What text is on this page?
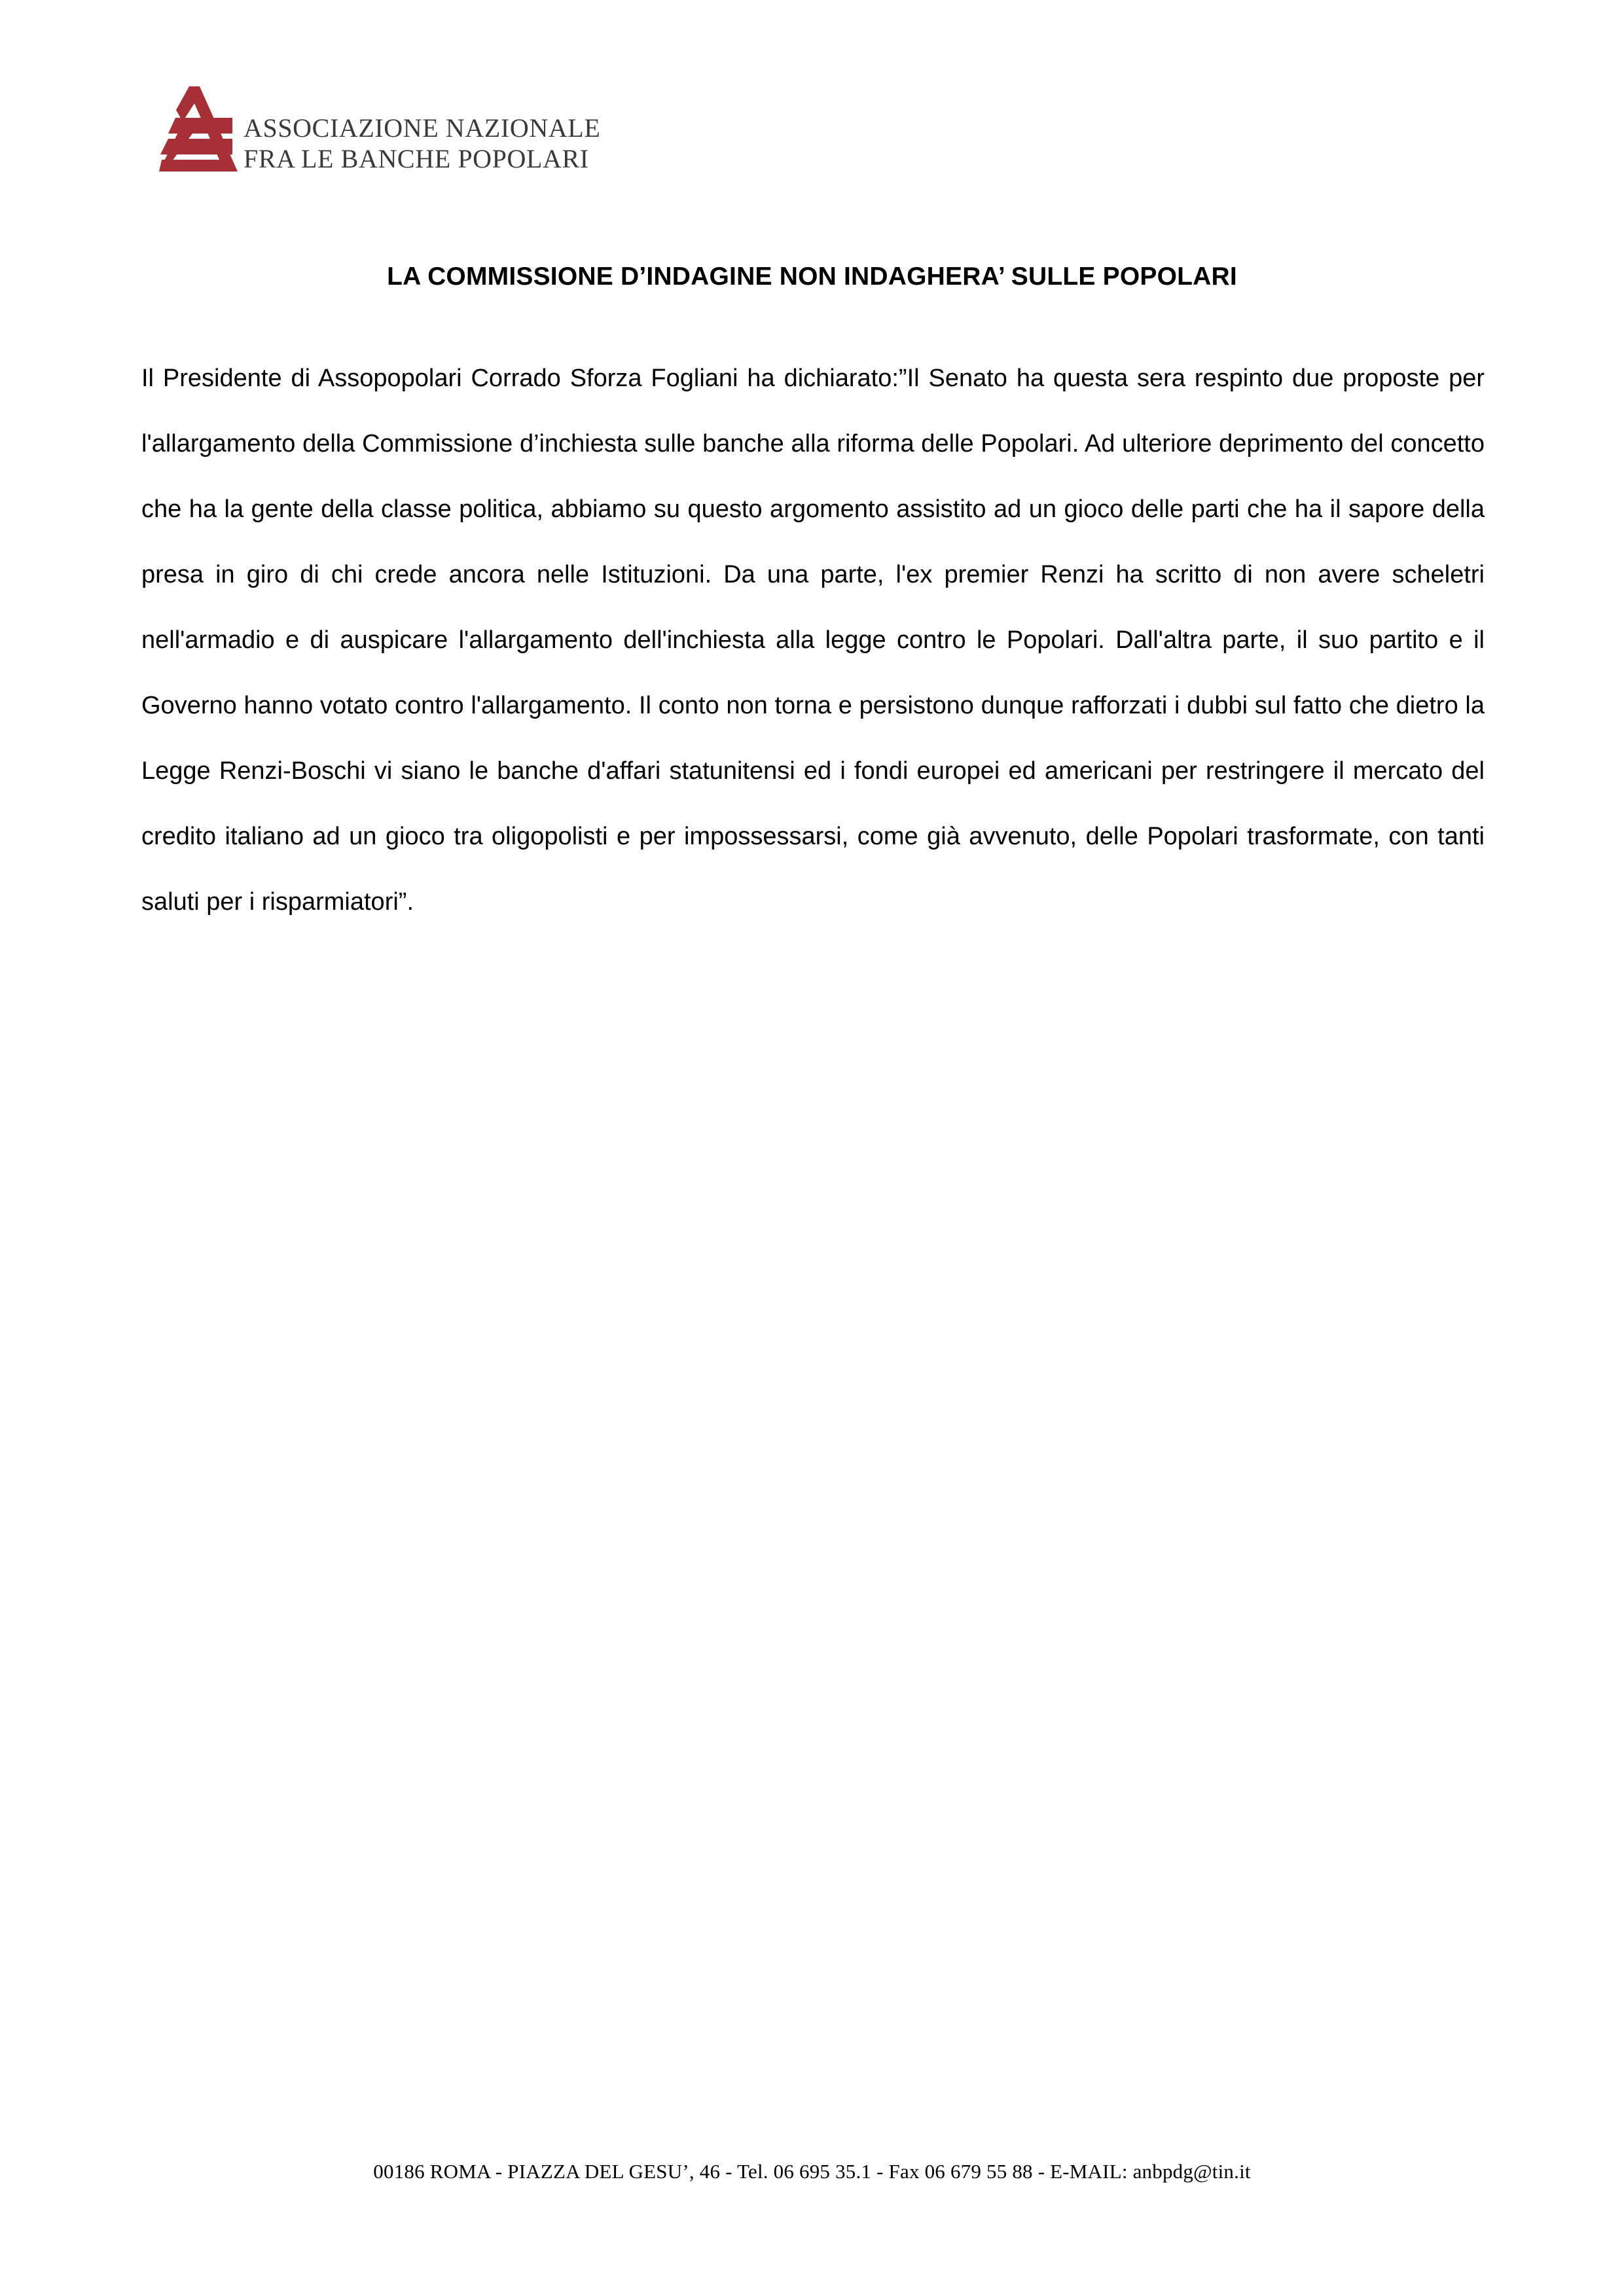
ASSOCIAZIONE NAZIONALE
FRA LE BANCHE POPOLARI
LA COMMISSIONE D’INDAGINE NON INDAGHERA’ SULLE POPOLARI

Il Presidente di Assopopolari Corrado Sforza Fogliani ha dichiarato:”Il Senato ha questa sera respinto due proposte per l'allargamento della Commissione d’inchiesta sulle banche alla riforma delle Popolari. Ad ulteriore deprimento del concetto che ha la gente della classe politica, abbiamo su questo argomento assistito ad un gioco delle parti che ha il sapore della presa in giro di chi crede ancora nelle Istituzioni. Da una parte, l'ex premier Renzi ha scritto di non avere scheletri nell'armadio e di auspicare l'allargamento dell'inchiesta alla legge contro le Popolari. Dall'altra parte, il suo partito e il Governo hanno votato contro l'allargamento. Il conto non torna e persistono dunque rafforzati i dubbi sul fatto che dietro la Legge Renzi-Boschi vi siano le banche d'affari statunitensi ed i fondi europei ed americani per restringere il mercato del credito italiano ad un gioco tra oligopolisti e per impossessarsi, come già avvenuto, delle Popolari trasformate, con tanti saluti per i risparmiatori”.

00186 ROMA - PIAZZA DEL GESU’, 46 - Tel. 06 695 35.1 - Fax 06 679 55 88 - E-MAIL: anbpdg@tin.it
